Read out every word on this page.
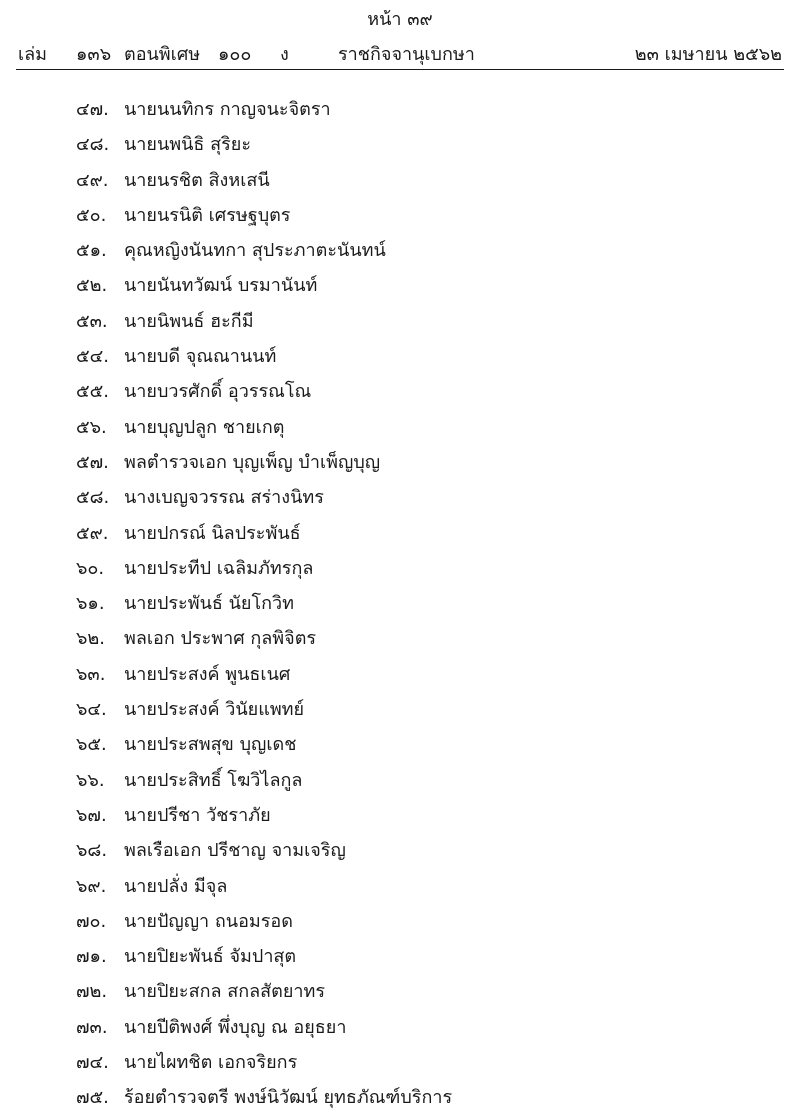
หน้า ๓๙
เล่ม ๑๓๖ ตอนพิเศษ ๑๐๐ ง	ราชกิจจานุเบกษา	๒๓ เมษายน ๒๕๖๒
๔๗. นายนนทิกร กาญจนะจิตรา
๔๘. นายนพนิธิ สุริยะ
๔๙. นายนรชิต สิงหเสนี
๕๐. นายนรนิติ เศรษฐบุตร
๕๑. คุณหญิงนันทกา สุประภาตะนันทน์
๕๒. นายนันทวัฒน์ บรมานันท์
๕๓. นายนิพนธ์ ฮะกีมี
๕๔. นายบดี จุณณานนท์
๕๕. นายบวรศักดิ์ อุวรรณโณ
๕๖. นายบุญปลูก ชายเกตุ
๕๗. พลตำรวจเอก บุญเพ็ญ บำเพ็ญบุญ
๕๘. นางเบญจวรรณ สร่างนิทร
๕๙. นายปกรณ์ นิลประพันธ์
๖๐.	นายประทีป เฉลิมภัทรกุล
๖๑.	นายประพันธ์ นัยโกวิท
๖๒.	พลเอก ประพาศ กุลพิจิตร
๖๓.	นายประสงค์ พูนธเนศ
๖๔. นายประสงค์ วินัยแพทย์
๖๕. นายประสพสุข บุญเดช
๖๖.	นายประสิทธิ์ โฆวิไลกูล
๖๗. นายปรีชา วัชราภัย
๖๘. พลเรือเอก ปรีชาญ จามเจริญ
๖๙. นายปลั่ง มีจุล
๗๐. นายปัญญา ถนอมรอด
๗๑. นายปิยะพันธ์ จัมปาสุต
๗๒. นายปิยะสกล สกลสัตยาทร
๗๓. นายปีติพงศ์ พึ่งบุญ ณ อยุธยา
๗๔. นายไผทชิต เอกจริยกร
๗๕. ร้อยตำรวจตรี พงษ์นิวัฒน์ ยุทธภัณฑ์บริการ
